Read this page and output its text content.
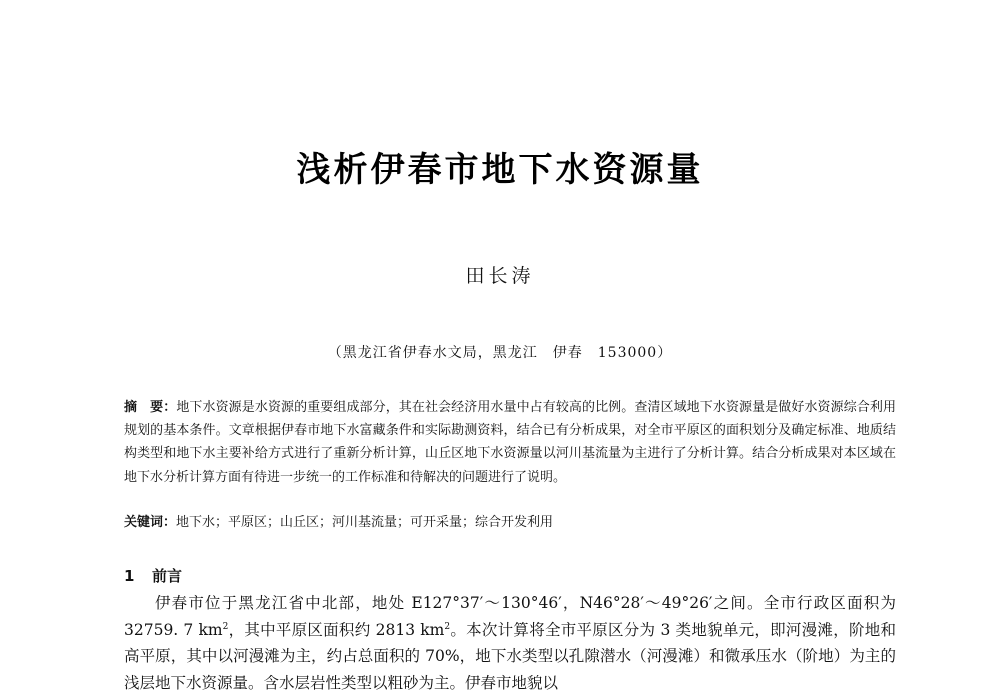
浅析伊春市地下水资源量
田长涛
（黑龙江省伊春水文局，黑龙江　伊春　153000）
摘　要：地下水资源是水资源的重要组成部分，其在社会经济用水量中占有较高的比例。查清区域地下水资源量是做好水资源综合利用规划的基本条件。文章根据伊春市地下水富藏条件和实际勘测资料，结合已有分析成果，对全市平原区的面积划分及确定标准、地质结构类型和地下水主要补给方式进行了重新分析计算，山丘区地下水资源量以河川基流量为主进行了分析计算。结合分析成果对本区域在地下水分析计算方面有待进一步统一的工作标准和待解决的问题进行了说明。
关键词：地下水；平原区；山丘区；河川基流量；可开采量；综合开发利用
1 前言
伊春市位于黑龙江省中北部，地处 E127°37′～130°46′，N46°28′～49°26′之间。全市行政区面积为 32759. 7 $km^2$，其中平原区面积约 2813 $km^2$。本次计算将全市平原区分为 3 类地貌单元，即河漫滩，阶地和高平原，其中以河漫滩为主，约占总面积的 70%，地下水类型以孔隙潜水（河漫滩）和微承压水（阶地）为主的浅层地下水资源量。含水层岩性类型以粗砂为主。伊春市地貌以
